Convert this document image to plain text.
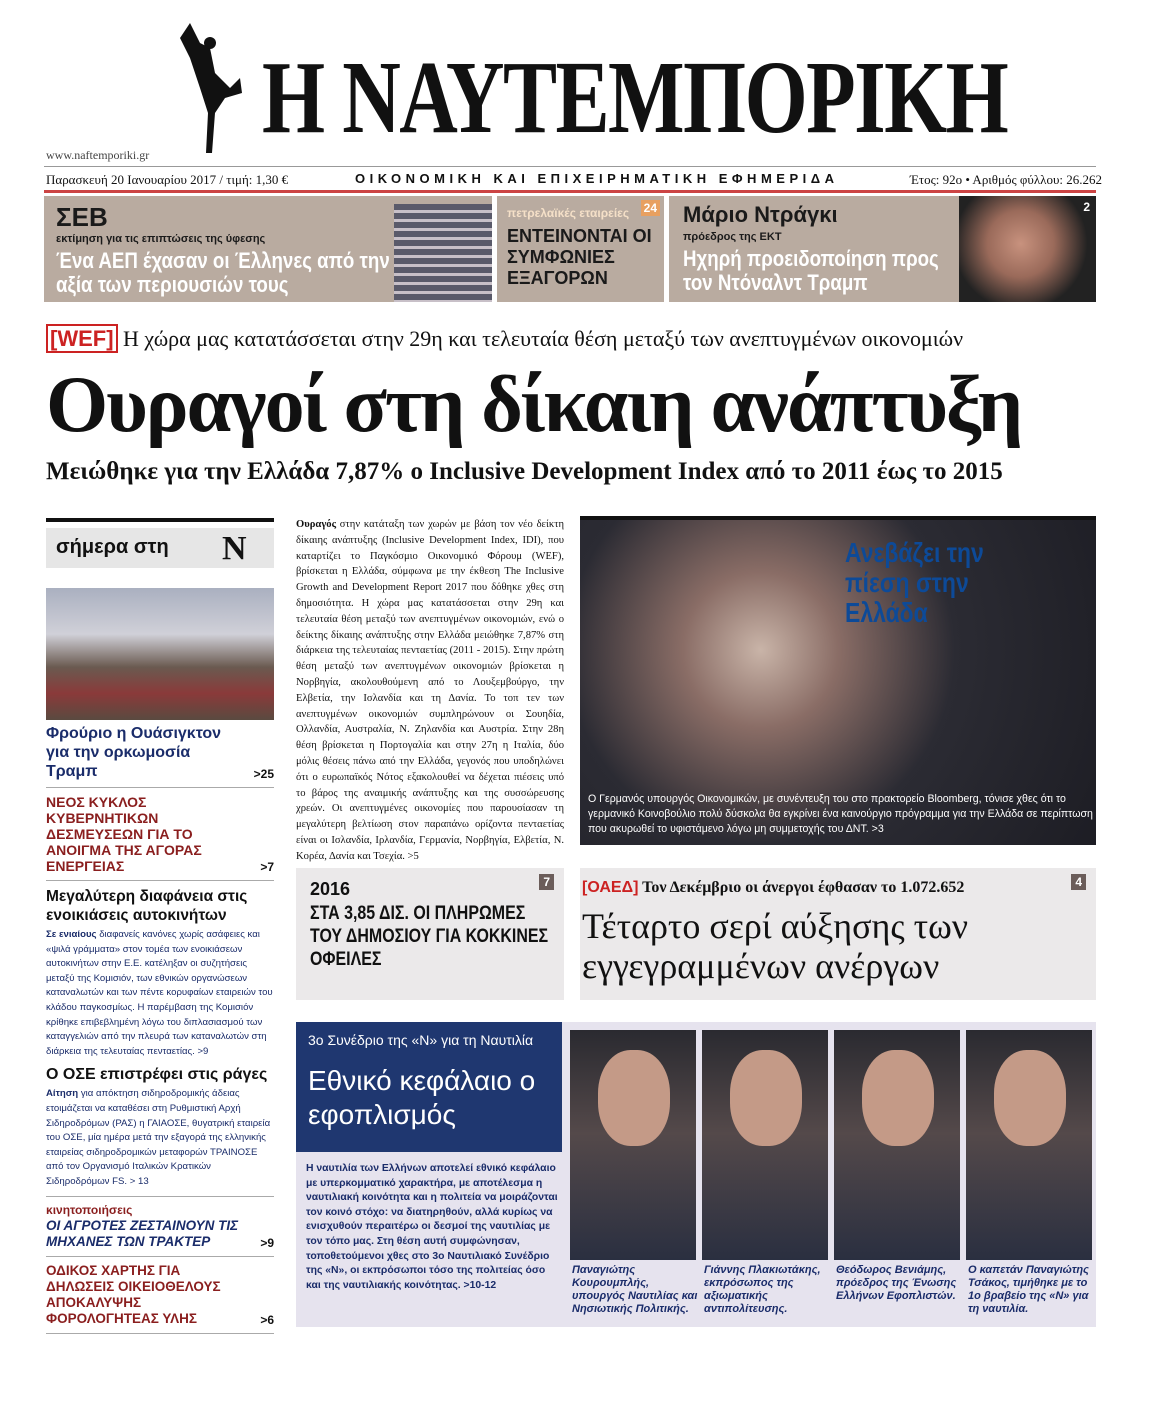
Η ΝΑΥΤΕΜΠΟΡΙΚΗ
www.naftemporiki.gr
Παρασκευή 20 Ιανουαρίου 2017 / τιμή: 1,30 €	ΟΙΚΟΝΟΜΙΚΗ ΚΑΙ ΕΠΙΧΕΙΡΗΜΑΤΙΚΗ ΕΦΗΜΕΡΙΔΑ	Έτος: 92ο • Αριθμός φύλλου: 26.262
ΣΕΒ
εκτίμηση για τις επιπτώσεις της ύφεσης
Ένα ΑΕΠ έχασαν οι Έλληνες από την αξία των περιουσιών τους
πετρελαϊκές εταιρείες 24
ΕΝΤΕΙΝΟΝΤΑΙ ΟΙ ΣΥΜΦΩΝΙΕΣ ΕΞΑΓΟΡΩΝ
Μάριο Ντράγκι
πρόεδρος της ΕΚΤ
Ηχηρή προειδοποίηση προς τον Ντόναλντ Τραμπ
2
[WEF] Η χώρα μας κατατάσσεται στην 29η και τελευταία θέση μεταξύ των ανεπτυγμένων οικονομιών
Ουραγοί στη δίκαιη ανάπτυξη
Μειώθηκε για την Ελλάδα 7,87% ο Inclusive Development Index από το 2011 έως το 2015
σήμερα στη Ν
Φρούριο η Ουάσιγκτον για την ορκωμοσία Τραμπ	>25
ΝΕΟΣ ΚΥΚΛΟΣ ΚΥΒΕΡΝΗΤΙΚΩΝ ΔΕΣΜΕΥΣΕΩΝ ΓΙΑ ΤΟ ΑΝΟΙΓΜΑ ΤΗΣ ΑΓΟΡΑΣ ΕΝΕΡΓΕΙΑΣ	>7
Μεγαλύτερη διαφάνεια στις ενοικιάσεις αυτοκινήτων
Σε ενιαίους διαφανείς κανόνες χωρίς ασάφειες και «ψιλά γράμματα» στον τομέα των ενοικιάσεων αυτοκινήτων στην Ε.Ε. κατέληξαν οι συζητήσεις μεταξύ της Κομισιόν, των εθνικών οργανώσεων καταναλωτών και των πέντε κορυφαίων εταιρειών του κλάδου παγκοσμίως. Η παρέμβαση της Κομισιόν κρίθηκε επιβεβλημένη λόγω του διπλασιασμού των καταγγελιών από την πλευρά των καταναλωτών στη διάρκεια της τελευταίας πενταετίας. >9
Ο ΟΣΕ επιστρέφει στις ράγες
Αίτηση για απόκτηση σιδηροδρομικής άδειας ετοιμάζεται να καταθέσει στη Ρυθμιστική Αρχή Σιδηροδρόμων (ΡΑΣ) η ΓΑΙΑΟΣΕ, θυγατρική εταιρεία του ΟΣΕ, μία ημέρα μετά την εξαγορά της ελληνικής εταιρείας σιδηροδρομικών μεταφορών ΤΡΑΙΝΟΣΕ από τον Οργανισμό Ιταλικών Κρατικών Σιδηροδρόμων FS. > 13
κινητοποιήσεις
ΟΙ ΑΓΡΟΤΕΣ ΖΕΣΤΑΙΝΟΥΝ ΤΙΣ ΜΗΧΑΝΕΣ ΤΩΝ ΤΡΑΚΤΕΡ	>9
ΟΔΙΚΟΣ ΧΑΡΤΗΣ ΓΙΑ ΔΗΛΩΣΕΙΣ ΟΙΚΕΙΟΘΕΛΟΥΣ ΑΠΟΚΑΛΥΨΗΣ ΦΟΡΟΛΟΓΗΤΕΑΣ ΥΛΗΣ	>6
Ουραγός στην κατάταξη των χωρών με βάση τον νέο δείκτη δίκαιης ανάπτυξης (Inclusive Development Index, IDI), που καταρτίζει το Παγκόσμιο Οικονομικό Φόρουμ (WEF), βρίσκεται η Ελλάδα, σύμφωνα με την έκθεση The Inclusive Growth and Development Report 2017 που δόθηκε χθες στη δημοσιότητα. Η χώρα μας κατατάσσεται στην 29η και τελευταία θέση μεταξύ των ανεπτυγμένων οικονομιών, ενώ ο δείκτης δίκαιης ανάπτυξης στην Ελλάδα μειώθηκε 7,87% στη διάρκεια της τελευταίας πενταετίας (2011 - 2015). Στην πρώτη θέση μεταξύ των ανεπτυγμένων οικονομιών βρίσκεται η Νορβηγία, ακολουθούμενη από το Λουξεμβούργο, την Ελβετία, την Ισλανδία και τη Δανία. Το τοπ τεν των ανεπτυγμένων οικονομιών συμπληρώνουν οι Σουηδία, Ολλανδία, Αυστραλία, Ν. Ζηλανδία και Αυστρία. Στην 28η θέση βρίσκεται η Πορτογαλία και στην 27η η Ιταλία, δύο μόλις θέσεις πάνω από την Ελλάδα, γεγονός που υποδηλώνει ότι ο ευρωπαϊκός Νότος εξακολουθεί να δέχεται πιέσεις υπό το βάρος της αναιμικής ανάπτυξης και της συσσώρευσης χρεών. Οι ανεπτυγμένες οικονομίες που παρουσίασαν τη μεγαλύτερη βελτίωση στον παραπάνω ορίζοντα πενταετίας είναι οι Ισλανδία, Ιρλανδία, Γερμανία, Νορβηγία, Ελβετία, Ν. Κορέα, Δανία και Τσεχία. >5
Ανεβάζει την πίεση στην Ελλάδα
Ο Γερμανός υπουργός Οικονομικών, με συνέντευξη του στο πρακτορείο Bloomberg, τόνισε χθες ότι το γερμανικό Κοινοβούλιο πολύ δύσκολα θα εγκρίνει ένα καινούργιο πρόγραμμα για την Ελλάδα σε περίπτωση που ακυρωθεί το υφιστάμενο λόγω μη συμμετοχής του ΔΝΤ. >3
2016	7
ΣΤΑ 3,85 ΔΙΣ. ΟΙ ΠΛΗΡΩΜΕΣ ΤΟΥ ΔΗΜΟΣΙΟΥ ΓΙΑ ΚΟΚΚΙΝΕΣ ΟΦΕΙΛΕΣ
[ΟΑΕΔ] Τον Δεκέμβριο οι άνεργοι έφθασαν το 1.072.652	4
Τέταρτο σερί αύξησης των εγγεγραμμένων ανέργων
3ο Συνέδριο της «Ν» για τη Ναυτιλία
Εθνικό κεφάλαιο ο εφοπλισμός
Η ναυτιλία των Ελλήνων αποτελεί εθνικό κεφάλαιο με υπερκομματικό χαρακτήρα, με αποτέλεσμα η ναυτιλιακή κοινότητα και η πολιτεία να μοιράζονται τον κοινό στόχο: να διατηρηθούν, αλλά κυρίως να ενισχυθούν περαιτέρω οι δεσμοί της ναυτιλίας με τον τόπο μας. Στη θέση αυτή συμφώνησαν, τοποθετούμενοι χθες στο 3ο Ναυτιλιακό Συνέδριο της «Ν», οι εκπρόσωποι τόσο της πολιτείας όσο και της ναυτιλιακής κοινότητας. >10-12
Παναγιώτης Κουρουμπλής, υπουργός Ναυτιλίας και Νησιωτικής Πολιτικής.
Γιάννης Πλακιωτάκης, εκπρόσωπος της αξιωματικής αντιπολίτευσης.
Θεόδωρος Βενιάμης, πρόεδρος της Ένωσης Ελλήνων Εφοπλιστών.
Ο καπετάν Παναγιώτης Τσάκος, τιμήθηκε με το 1ο βραβείο της «Ν» για τη ναυτιλία.
